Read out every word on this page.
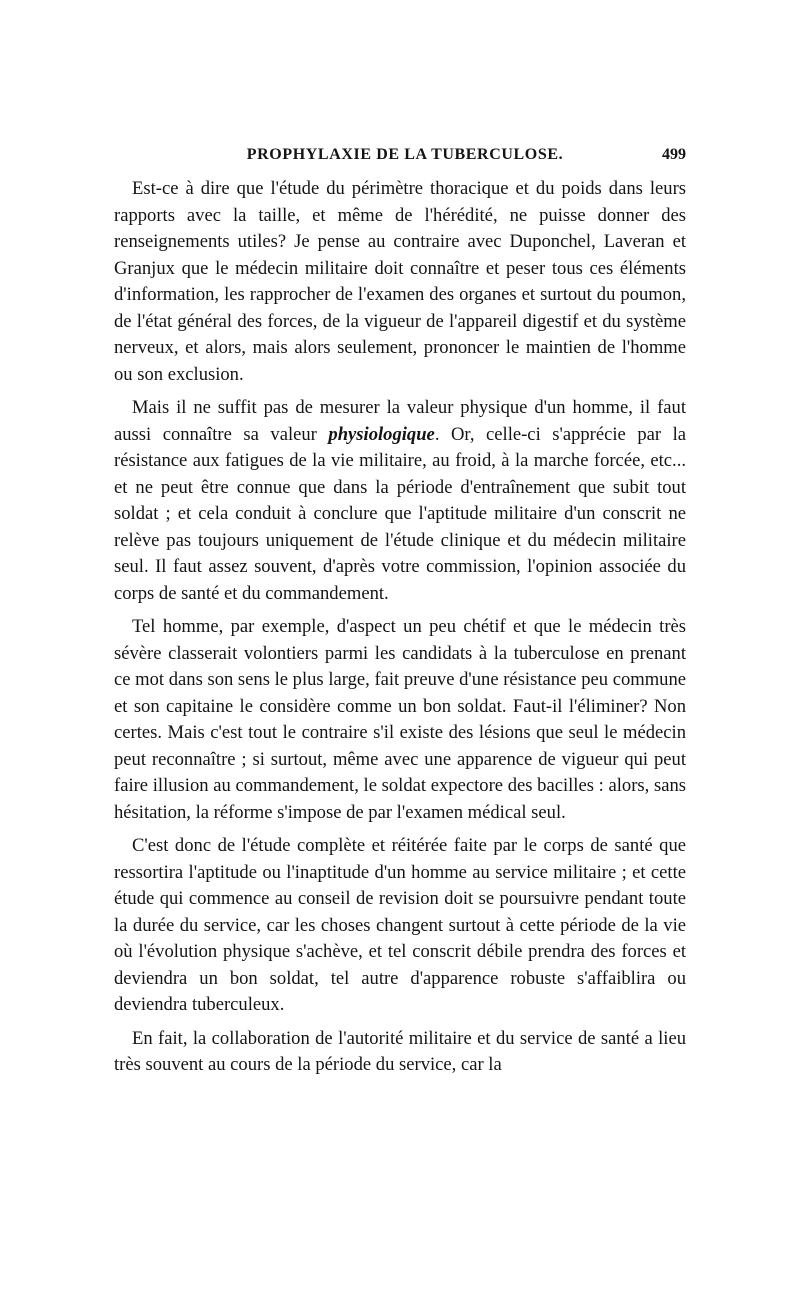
PROPHYLAXIE DE LA TUBERCULOSE.	499

Est-ce à dire que l'étude du périmètre thoracique et du poids dans leurs rapports avec la taille, et même de l'hérédité, ne puisse donner des renseignements utiles? Je pense au contraire avec Duponchel, Laveran et Granjux que le médecin militaire doit connaître et peser tous ces éléments d'information, les rapprocher de l'examen des organes et surtout du poumon, de l'état général des forces, de la vigueur de l'appareil digestif et du système nerveux, et alors, mais alors seulement, prononcer le maintien de l'homme ou son exclusion.

Mais il ne suffit pas de mesurer la valeur physique d'un homme, il faut aussi connaître sa valeur physiologique. Or, celle-ci s'apprécie par la résistance aux fatigues de la vie militaire, au froid, à la marche forcée, etc... et ne peut être connue que dans la période d'entraînement que subit tout soldat ; et cela conduit à conclure que l'aptitude militaire d'un conscrit ne relève pas toujours uniquement de l'étude clinique et du médecin militaire seul. Il faut assez souvent, d'après votre commission, l'opinion associée du corps de santé et du commandement.

Tel homme, par exemple, d'aspect un peu chétif et que le médecin très sévère classerait volontiers parmi les candidats à la tuberculose en prenant ce mot dans son sens le plus large, fait preuve d'une résistance peu commune et son capitaine le considère comme un bon soldat. Faut-il l'éliminer? Non certes. Mais c'est tout le contraire s'il existe des lésions que seul le médecin peut reconnaître ; si surtout, même avec une apparence de vigueur qui peut faire illusion au commandement, le soldat expectore des bacilles : alors, sans hésitation, la réforme s'impose de par l'examen médical seul.

C'est donc de l'étude complète et réitérée faite par le corps de santé que ressortira l'aptitude ou l'inaptitude d'un homme au service militaire ; et cette étude qui commence au conseil de revision doit se poursuivre pendant toute la durée du service, car les choses changent surtout à cette période de la vie où l'évolution physique s'achève, et tel conscrit débile prendra des forces et deviendra un bon soldat, tel autre d'apparence robuste s'affaiblira ou deviendra tuberculeux.

En fait, la collaboration de l'autorité militaire et du service de santé a lieu très souvent au cours de la période du service, car la
